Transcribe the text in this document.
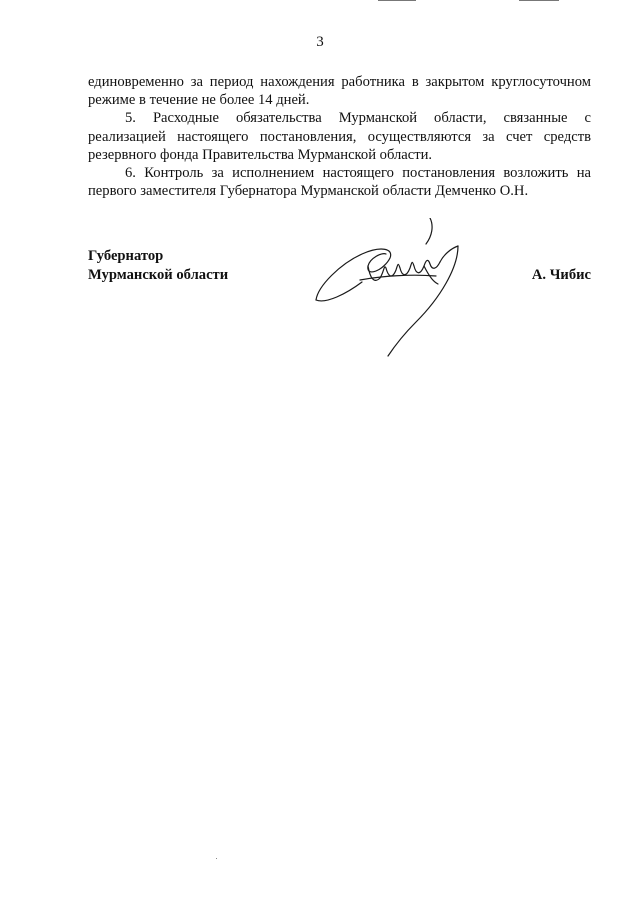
3

единовременно за период нахождения работника в закрытом круглосуточном режиме в течение не более 14 дней.

5. Расходные обязательства Мурманской области, связанные с реализацией настоящего постановления, осуществляются за счет средств резервного фонда Правительства Мурманской области.

6. Контроль за исполнением настоящего постановления возложить на первого заместителя Губернатора Мурманской области Демченко О.Н.

Губернатор
Мурманской области	А. Чибис
